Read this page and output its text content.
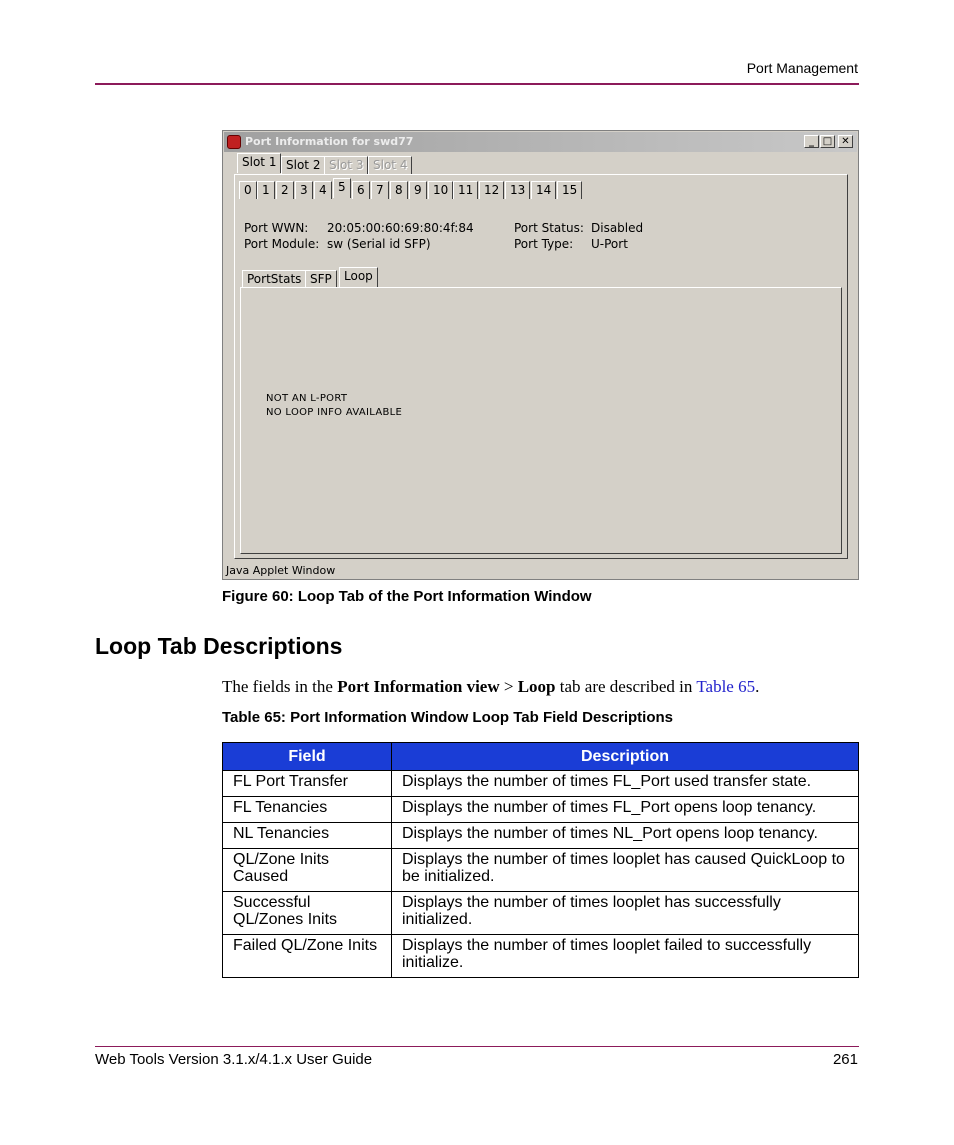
Port Management
Web Tools Version 3.1.x/4.1.x User Guide	261
Port Information for swd77	_ □ ✕
Slot 1 Slot 2 Slot 3 Slot 4
0 1 2 3 4 5 6 7 8 9 10 11 12 13 14 15
Port WWN: 20:05:00:60:69:80:4f:84
Port Module: sw (Serial id SFP)
Port Status: Disabled
Port Type: U-Port
PortStats SFP	Loop
NOT AN L-PORT
NO LOOP INFO AVAILABLE
Java Applet Window
Figure 60: Loop Tab of the Port Information Window
Loop Tab Descriptions
The fields in the Port Information view > Loop tab are described in Table 65.
Table 65: Port Information Window Loop Tab Field Descriptions
Field	Description
FL Port Transfer	Displays the number of times FL_Port used transfer state.
FL Tenancies	Displays the number of times FL_Port opens loop tenancy.
NL Tenancies	Displays the number of times NL_Port opens loop tenancy.
QL/Zone Inits Caused	Displays the number of times looplet has caused QuickLoop to be initialized.
Successful QL/Zones Inits	Displays the number of times looplet has successfully initialized.
Failed QL/Zone Inits	Displays the number of times looplet failed to successfully initialize.
